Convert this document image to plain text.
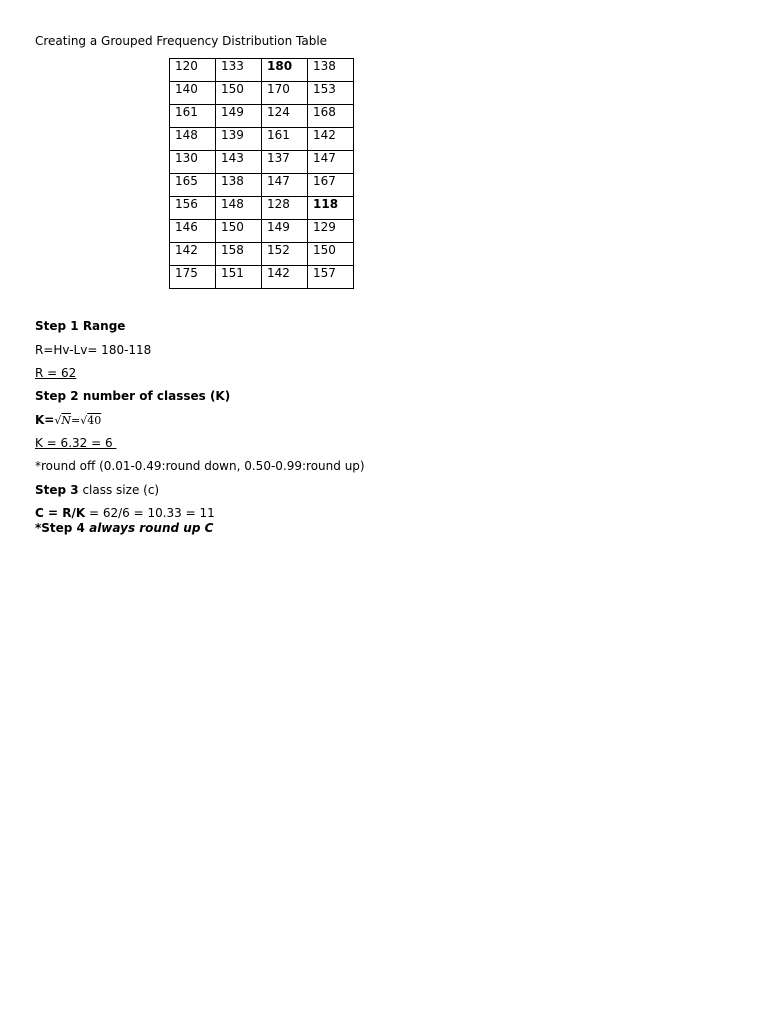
Creating a Grouped Frequency Distribution Table
120	133	180	138
140	150	170	153
161	149	124	168
148	139	161	142
130	143	137	147
165	138	147	167
156	148	128	118
146	150	149	129
142	158	152	150
175	151	142	157
Step 1 Range
R=Hv-Lv= 180-118
R = 62
Step 2 number of classes (K)
K=√N=√40
K = 6.32 = 6
*round off (0.01-0.49:round down, 0.50-0.99:round up)
Step 3 class size (c)
C = R/K = 62/6 = 10.33 = 11
*Step 4 always round up C
